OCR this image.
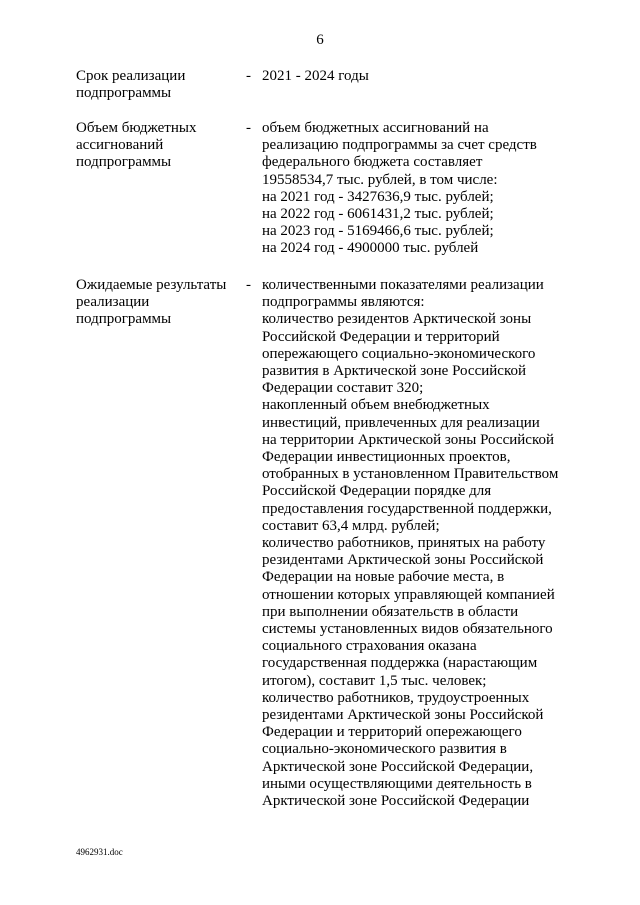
6
Срок реализации
подпрограммы
- 2021 - 2024 годы
Объем бюджетных
ассигнований
подпрограммы
- объем бюджетных ассигнований на
реализацию подпрограммы за счет средств
федерального бюджета составляет
19558534,7 тыс. рублей, в том числе:
на 2021 год - 3427636,9 тыс. рублей;
на 2022 год - 6061431,2 тыс. рублей;
на 2023 год - 5169466,6 тыс. рублей;
на 2024 год - 4900000 тыс. рублей
Ожидаемые результаты
реализации
подпрограммы
- количественными показателями реализации
подпрограммы являются:
количество резидентов Арктической зоны
Российской Федерации и территорий
опережающего социально-экономического
развития в Арктической зоне Российской
Федерации составит 320;
накопленный объем внебюджетных
инвестиций, привлеченных для реализации
на территории Арктической зоны Российской
Федерации инвестиционных проектов,
отобранных в установленном Правительством
Российской Федерации порядке для
предоставления государственной поддержки,
составит 63,4 млрд. рублей;
количество работников, принятых на работу
резидентами Арктической зоны Российской
Федерации на новые рабочие места, в
отношении которых управляющей компанией
при выполнении обязательств в области
системы установленных видов обязательного
социального страхования оказана
государственная поддержка (нарастающим
итогом), составит 1,5 тыс. человек;
количество работников, трудоустроенных
резидентами Арктической зоны Российской
Федерации и территорий опережающего
социально-экономического развития в
Арктической зоне Российской Федерации,
иными осуществляющими деятельность в
Арктической зоне Российской Федерации
4962931.doc
